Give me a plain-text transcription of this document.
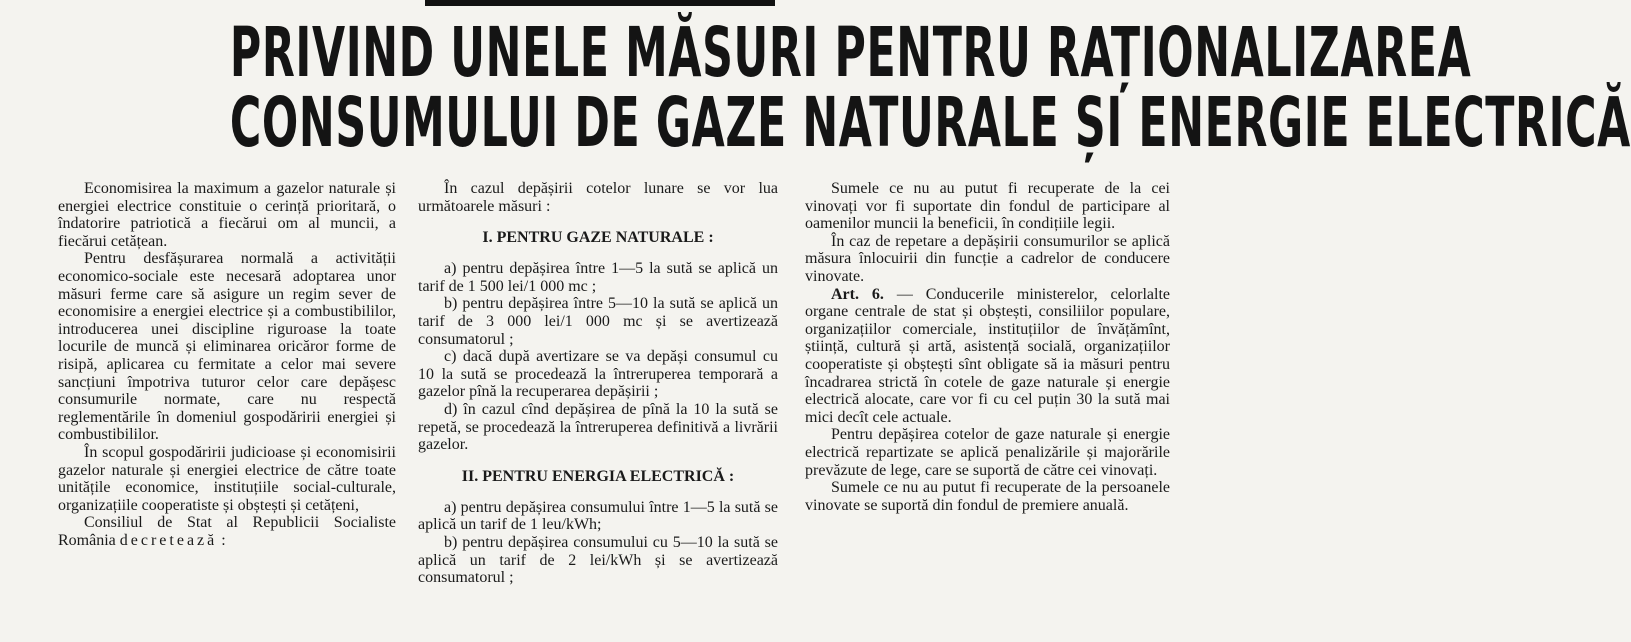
PRIVIND UNELE MĂSURI PENTRU RAȚIONALIZAREA
CONSUMULUI DE GAZE NATURALE ȘI ENERGIE ELECTRICĂ

Economisirea la maximum a gazelor naturale și energiei electrice constituie o cerință prioritară, o îndatorire patriotică a fiecărui om al muncii, a fiecărui cetățean.

Pentru desfășurarea normală a activității economico-sociale este necesară adoptarea unor măsuri ferme care să asigure un regim sever de economisire a energiei electrice și a combustibililor, introducerea unei discipline riguroase la toate locurile de muncă și eliminarea oricăror forme de risipă, aplicarea cu fermitate a celor mai severe sancțiuni împotriva tuturor celor care depășesc consumurile normate, care nu respectă reglementările în domeniul gospodăririi energiei și combustibililor.

În scopul gospodăririi judicioase și economisirii gazelor naturale și energiei electrice de către toate unitățile economice, instituțiile social-culturale, organizațiile cooperatiste și obștești și cetățeni,

Consiliul de Stat al Republicii Socialiste România decretează :

În cazul depășirii cotelor lunare se vor lua următoarele măsuri :

I. PENTRU GAZE NATURALE :

a) pentru depășirea între 1—5 la sută se aplică un tarif de 1 500 lei/1 000 mc ;

b) pentru depășirea între 5—10 la sută se aplică un tarif de 3 000 lei/1 000 mc și se avertizează consumatorul ;

c) dacă după avertizare se va depăși consumul cu 10 la sută se procedează la întreruperea temporară a gazelor pînă la recuperarea depășirii ;

d) în cazul cînd depășirea de pînă la 10 la sută se repetă, se procedează la întreruperea definitivă a livrării gazelor.

II. PENTRU ENERGIA ELECTRICĂ :

a) pentru depășirea consumului între 1—5 la sută se aplică un tarif de 1 leu/kWh;

b) pentru depășirea consumului cu 5—10 la sută se aplică un tarif de 2 lei/kWh și se avertizează consumatorul ;

Sumele ce nu au putut fi recuperate de la cei vinovați vor fi suportate din fondul de participare al oamenilor muncii la beneficii, în condițiile legii.

În caz de repetare a depășirii consumurilor se aplică măsura înlocuirii din funcție a cadrelor de conducere vinovate.

Art. 6. — Conducerile ministerelor, celorlalte organe centrale de stat și obștești, consiliilor populare, organizațiilor comerciale, instituțiilor de învățămînt, știință, cultură și artă, asistență socială, organizațiilor cooperatiste și obștești sînt obligate să ia măsuri pentru încadrarea strictă în cotele de gaze naturale și energie electrică alocate, care vor fi cu cel puțin 30 la sută mai mici decît cele actuale.

Pentru depășirea cotelor de gaze naturale și energie electrică repartizate se aplică penalizările și majorările prevăzute de lege, care se suportă de către cei vinovați.

Sumele ce nu au putut fi recuperate de la persoanele vinovate se suportă din fondul de premiere anuală.
